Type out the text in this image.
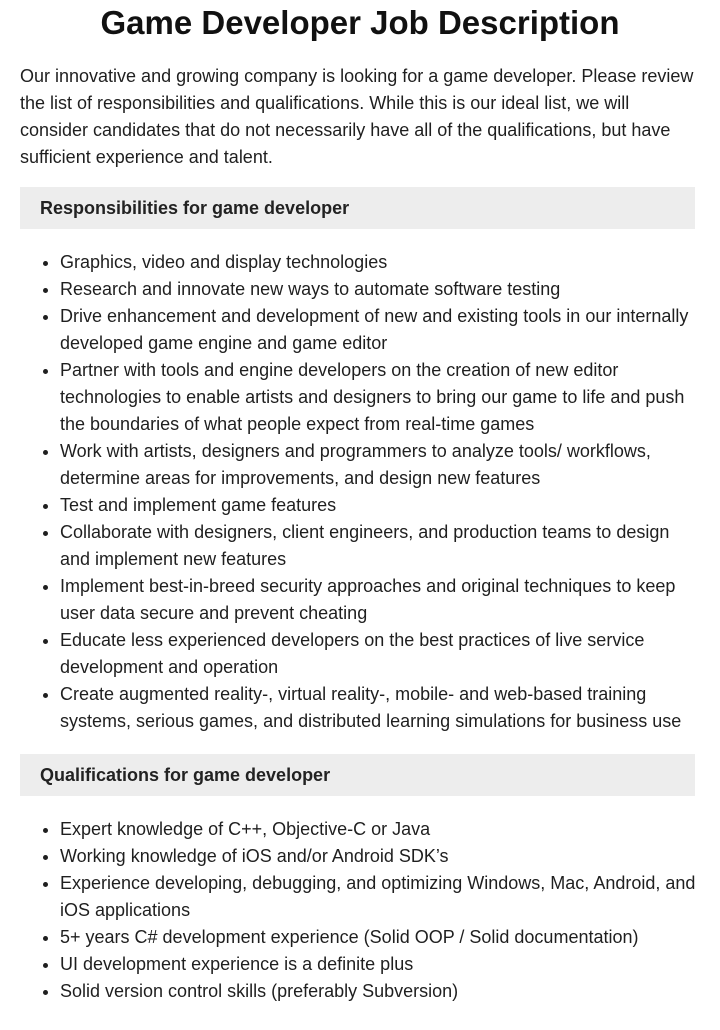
Game Developer Job Description

Our innovative and growing company is looking for a game developer. Please review the list of responsibilities and qualifications. While this is our ideal list, we will consider candidates that do not necessarily have all of the qualifications, but have sufficient experience and talent.

Responsibilities for game developer
• Graphics, video and display technologies
• Research and innovate new ways to automate software testing
• Drive enhancement and development of new and existing tools in our internally developed game engine and game editor
• Partner with tools and engine developers on the creation of new editor technologies to enable artists and designers to bring our game to life and push the boundaries of what people expect from real-time games
• Work with artists, designers and programmers to analyze tools/ workflows, determine areas for improvements, and design new features
• Test and implement game features
• Collaborate with designers, client engineers, and production teams to design and implement new features
• Implement best-in-breed security approaches and original techniques to keep user data secure and prevent cheating
• Educate less experienced developers on the best practices of live service development and operation
• Create augmented reality-, virtual reality-, mobile- and web-based training systems, serious games, and distributed learning simulations for business use
Qualifications for game developer
• Expert knowledge of C++, Objective-C or Java
• Working knowledge of iOS and/or Android SDK’s
• Experience developing, debugging, and optimizing Windows, Mac, Android, and iOS applications
• 5+ years C# development experience (Solid OOP / Solid documentation)
• UI development experience is a definite plus
• Solid version control skills (preferably Subversion)
